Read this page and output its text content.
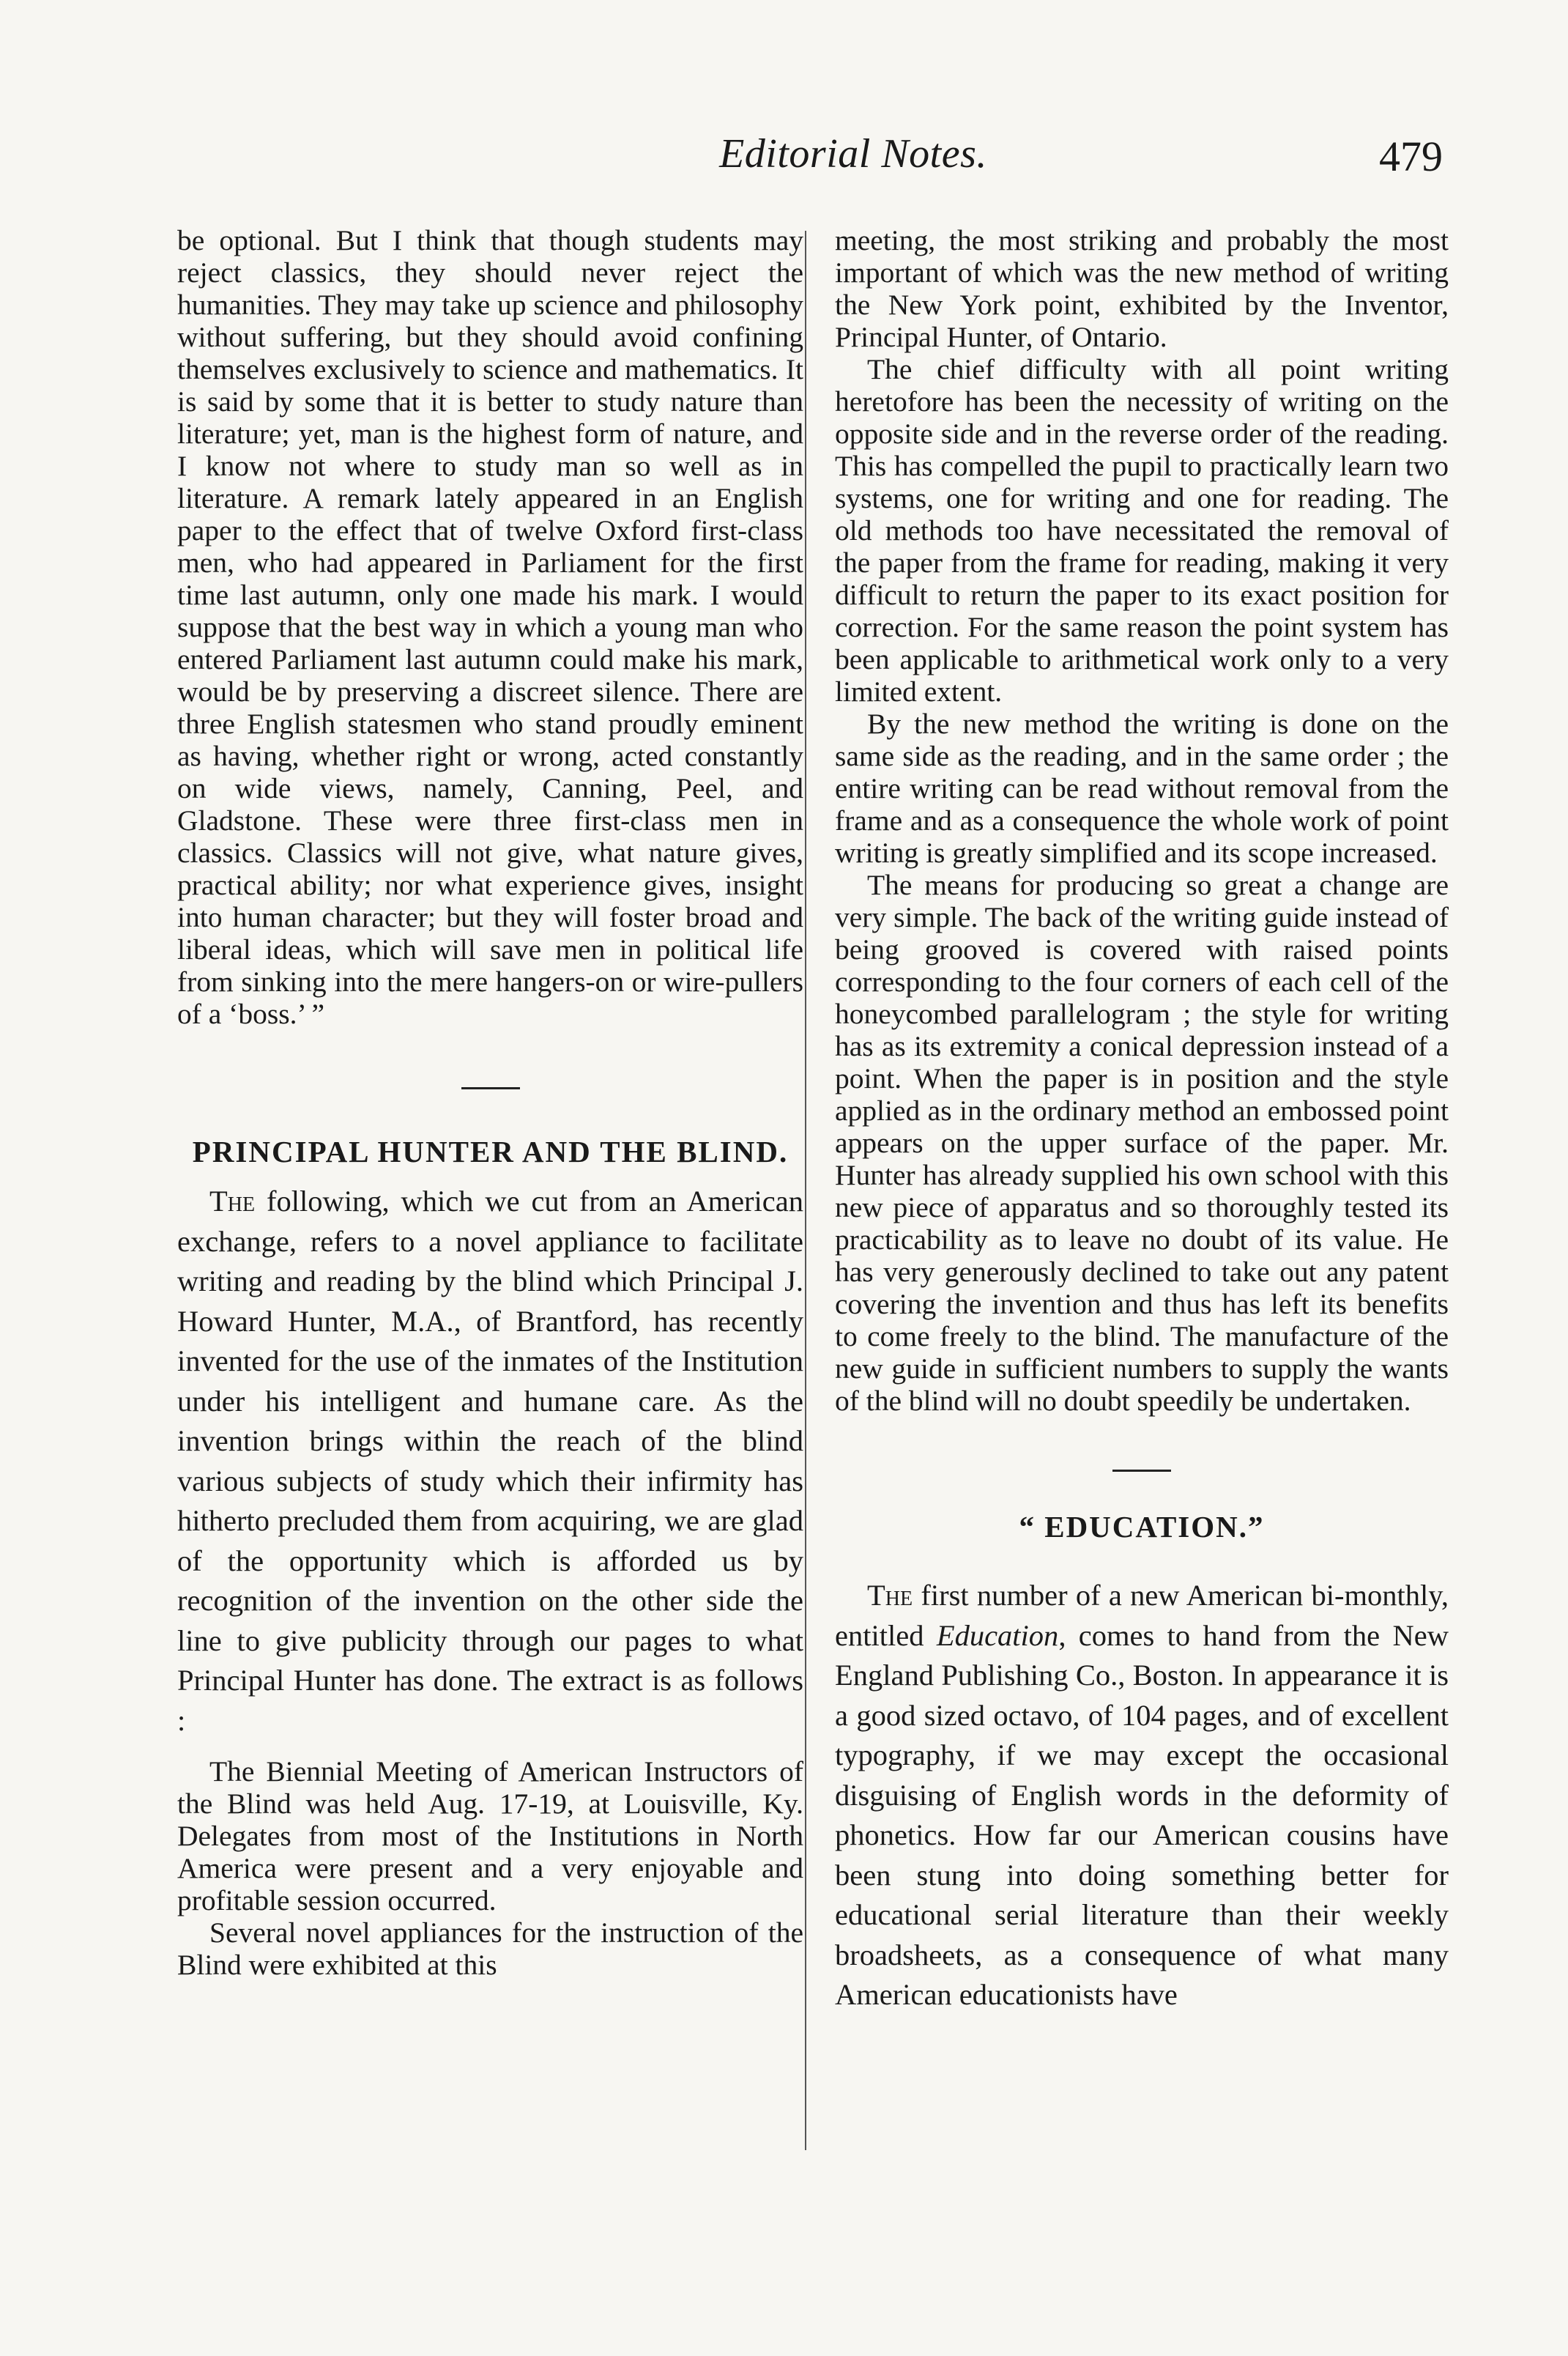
Editorial Notes.	479

be optional. But I think that though students may reject classics, they should never reject the humanities. They may take up science and philosophy without suffering, but they should avoid confining themselves exclusively to science and mathematics. It is said by some that it is better to study nature than literature; yet, man is the highest form of nature, and I know not where to study man so well as in literature. A remark lately appeared in an English paper to the effect that of twelve Oxford first-class men, who had appeared in Parliament for the first time last autumn, only one made his mark. I would suppose that the best way in which a young man who entered Parliament last autumn could make his mark, would be by preserving a discreet silence. There are three English statesmen who stand proudly eminent as having, whether right or wrong, acted constantly on wide views, namely, Canning, Peel, and Gladstone. These were three first-class men in classics. Classics will not give, what nature gives, practical ability; nor what experience gives, insight into human character; but they will foster broad and liberal ideas, which will save men in political life from sinking into the mere hangers-on or wire-pullers of a ‘boss.’ ”

PRINCIPAL HUNTER AND THE BLIND.

The following, which we cut from an American exchange, refers to a novel appliance to facilitate writing and reading by the blind which Principal J. Howard Hunter, M.A., of Brantford, has recently invented for the use of the inmates of the Institution under his intelligent and humane care. As the invention brings within the reach of the blind various subjects of study which their infirmity has hitherto precluded them from acquiring, we are glad of the opportunity which is afforded us by recognition of the invention on the other side the line to give publicity through our pages to what Principal Hunter has done. The extract is as follows :

The Biennial Meeting of American Instructors of the Blind was held Aug. 17-19, at Louisville, Ky. Delegates from most of the Institutions in North America were present and a very enjoyable and profitable session occurred.

Several novel appliances for the instruction of the Blind were exhibited at this

meeting, the most striking and probably the most important of which was the new method of writing the New York point, exhibited by the Inventor, Principal Hunter, of Ontario.

The chief difficulty with all point writing heretofore has been the necessity of writing on the opposite side and in the reverse order of the reading. This has compelled the pupil to practically learn two systems, one for writing and one for reading. The old methods too have necessitated the removal of the paper from the frame for reading, making it very difficult to return the paper to its exact position for correction. For the same reason the point system has been applicable to arithmetical work only to a very limited extent.

By the new method the writing is done on the same side as the reading, and in the same order ; the entire writing can be read without removal from the frame and as a consequence the whole work of point writing is greatly simplified and its scope increased.

The means for producing so great a change are very simple. The back of the writing guide instead of being grooved is covered with raised points corresponding to the four corners of each cell of the honeycombed parallelogram ; the style for writing has as its extremity a conical depression instead of a point. When the paper is in position and the style applied as in the ordinary method an embossed point appears on the upper surface of the paper. Mr. Hunter has already supplied his own school with this new piece of apparatus and so thoroughly tested its practicability as to leave no doubt of its value. He has very generously declined to take out any patent covering the invention and thus has left its benefits to come freely to the blind. The manufacture of the new guide in sufficient numbers to supply the wants of the blind will no doubt speedily be undertaken.

“ EDUCATION.”

The first number of a new American bi-monthly, entitled Education, comes to hand from the New England Publishing Co., Boston. In appearance it is a good sized octavo, of 104 pages, and of excellent typography, if we may except the occasional disguising of English words in the deformity of phonetics. How far our American cousins have been stung into doing something better for educational serial literature than their weekly broadsheets, as a consequence of what many American educationists have
